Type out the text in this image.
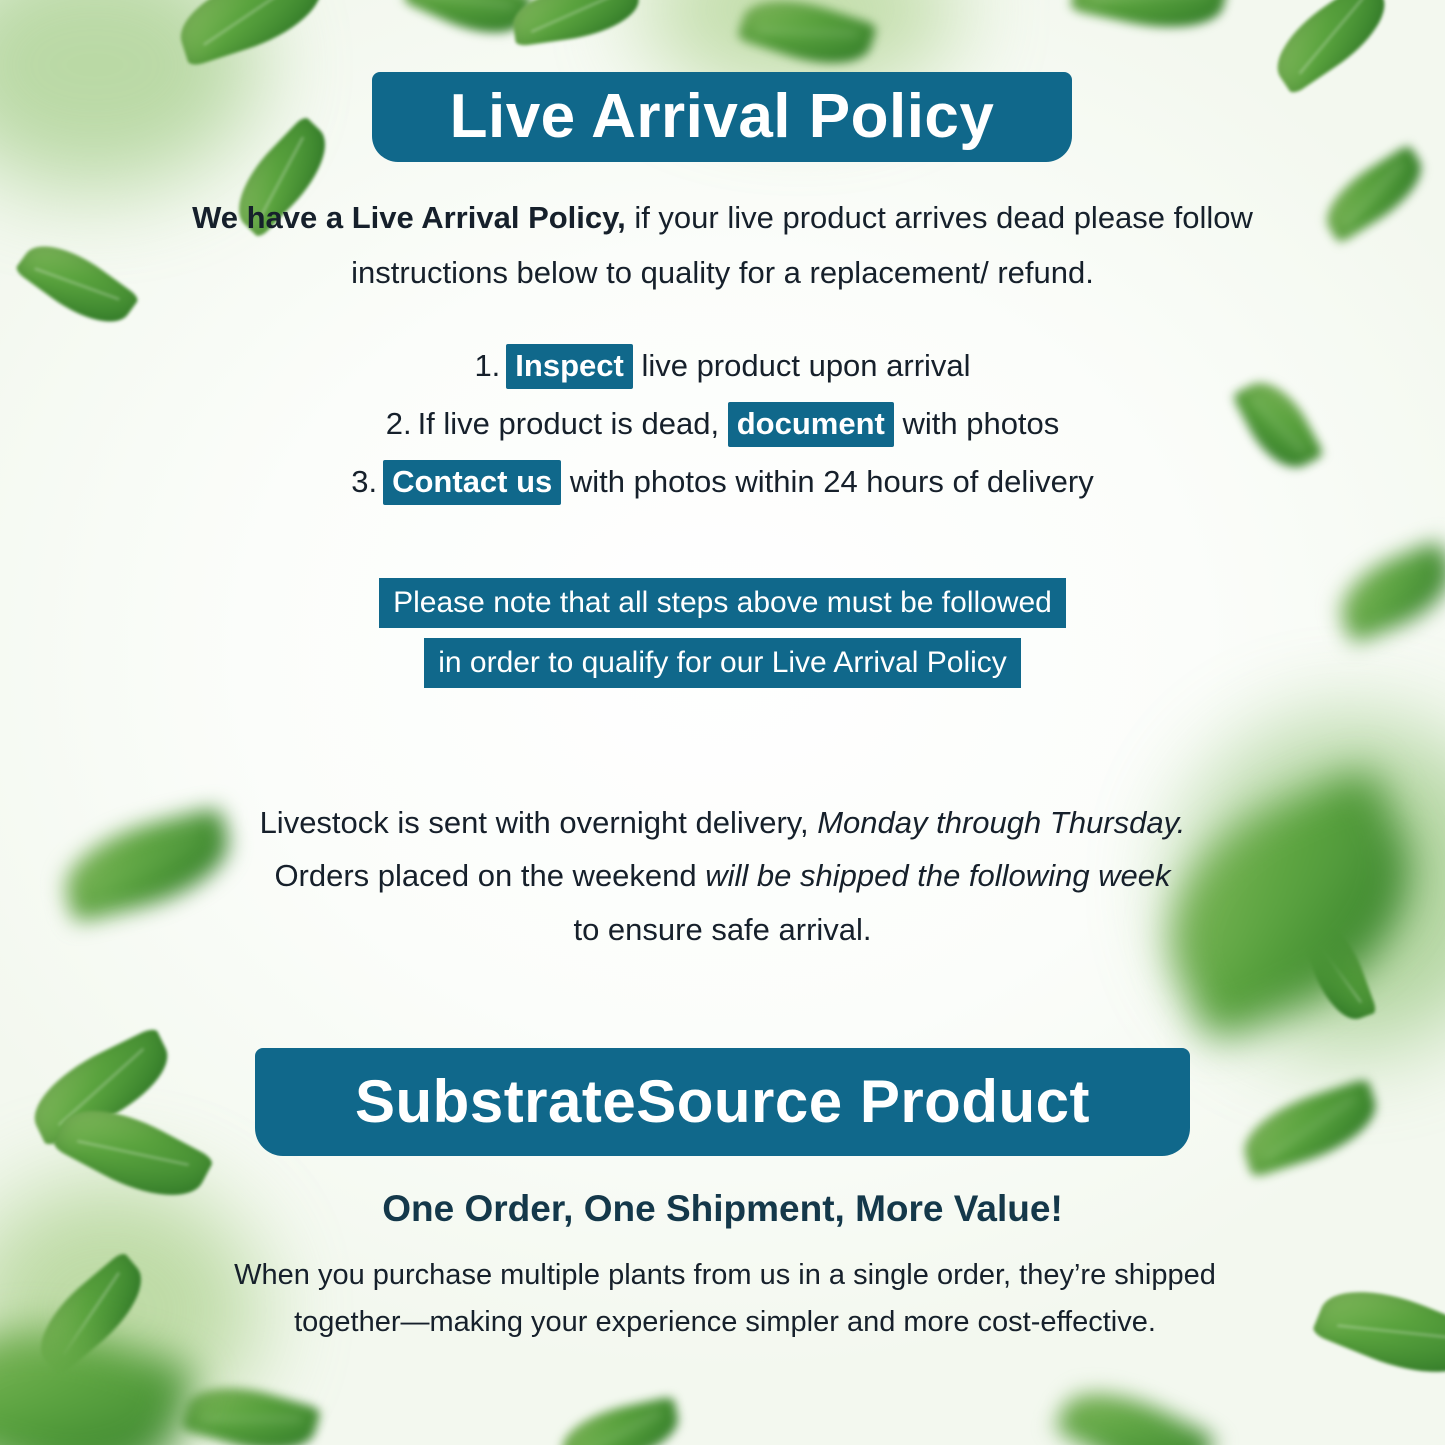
Live Arrival Policy
We have a Live Arrival Policy, if your live product arrives dead please follow instructions below to quality for a replacement/ refund.
1. Inspect live product upon arrival
2. If live product is dead, document with photos
3. Contact us with photos within 24 hours of delivery
Please note that all steps above must be followed
in order to qualify for our Live Arrival Policy
Livestock is sent with overnight delivery, Monday through Thursday.
Orders placed on the weekend will be shipped the following week
to ensure safe arrival.
SubstrateSource Product
One Order, One Shipment, More Value!
When you purchase multiple plants from us in a single order, they’re shipped
together—making your experience simpler and more cost-effective.
